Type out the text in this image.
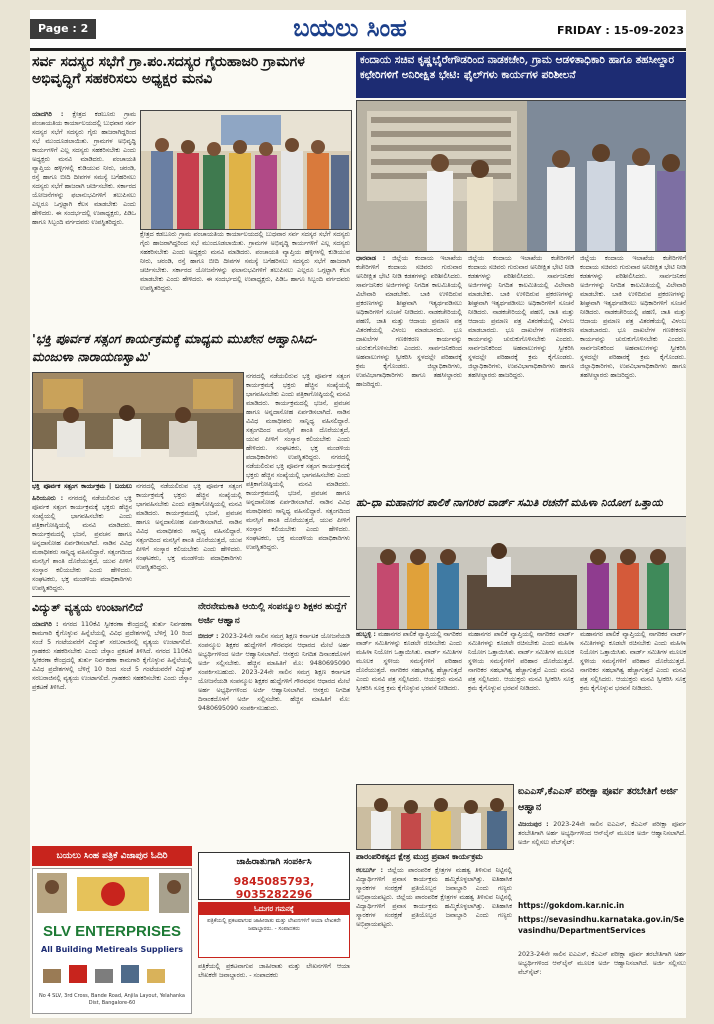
Page : 2	ಬಯಲು ಸಿಂಹ	FRIDAY : 15-09-2023
ಸರ್ವ ಸದಸ್ಯರ ಸಭೆಗೆ ಗ್ರಾ.ಪಂ.ಸದಸ್ಯರ ಗೈರುಹಾಜರಿ ಗ್ರಾಮಗಳ ಅಭಿವೃದ್ಧಿಗೆ ಸಹಕರಿಸಲು ಅಧ್ಯಕ್ಷರ ಮನವಿ
ಯಾದಗಿರಿ : ಕ್ಷೇತ್ರದ ಕಡಬೂರು ಗ್ರಾಮ ಪಂಚಾಯತಿಯ ಕಾರ್ಯಾಲಯದಲ್ಲಿ ಬುಧವಾರ ಸರ್ವ ಸದಸ್ಯರ ಸಭೆಗೆ ಸದಸ್ಯರು ಗೈರು ಹಾಜರಾಗಿದ್ದರಿಂದ ಸಭೆ ಮುಂದೂಡಲಾಯಿತು. ಗ್ರಾಮಗಳ ಅಭಿವೃದ್ಧಿ ಕಾರ್ಯಗಳಿಗೆ ಎಲ್ಲ ಸದಸ್ಯರು ಸಹಕರಿಸಬೇಕು ಎಂದು ಅಧ್ಯಕ್ಷರು ಮನವಿ ಮಾಡಿದರು. ಪಂಚಾಯತಿ ವ್ಯಾಪ್ತಿಯ ಹಳ್ಳಿಗಳಲ್ಲಿ ಕುಡಿಯುವ ನೀರು, ಚರಂಡಿ, ರಸ್ತೆ ಹಾಗೂ ಬೀದಿ ದೀಪಗಳ ಸಮಸ್ಯೆ ಬಗೆಹರಿಸಲು ಸದಸ್ಯರು ಸಭೆಗೆ ಹಾಜರಾಗಿ ಚರ್ಚಿಸಬೇಕು. ಸರ್ಕಾರದ ಯೋಜನೆಗಳನ್ನು ಫಲಾನುಭವಿಗಳಿಗೆ ತಲುಪಿಸಲು ಎಲ್ಲರೂ ಒಗ್ಗಟ್ಟಾಗಿ ಕೆಲಸ ಮಾಡಬೇಕು ಎಂದು ಹೇಳಿದರು. ಈ ಸಂದರ್ಭದಲ್ಲಿ ಉಪಾಧ್ಯಕ್ಷರು, ಪಿಡಿಒ ಹಾಗೂ ಸಿಬ್ಬಂದಿ ವರ್ಗದವರು ಉಪಸ್ಥಿತರಿದ್ದರು.
ಕ್ಷೇತ್ರದ ಕಡಬೂರು ಗ್ರಾಮ ಪಂಚಾಯತಿಯ ಕಾರ್ಯಾಲಯದಲ್ಲಿ ಬುಧವಾರ ಸರ್ವ ಸದಸ್ಯರ ಸಭೆಗೆ ಸದಸ್ಯರು ಗೈರು ಹಾಜರಾಗಿದ್ದರಿಂದ ಸಭೆ ಮುಂದೂಡಲಾಯಿತು. ಗ್ರಾಮಗಳ ಅಭಿವೃದ್ಧಿ ಕಾರ್ಯಗಳಿಗೆ ಎಲ್ಲ ಸದಸ್ಯರು ಸಹಕರಿಸಬೇಕು ಎಂದು ಅಧ್ಯಕ್ಷರು ಮನವಿ ಮಾಡಿದರು. ಪಂಚಾಯತಿ ವ್ಯಾಪ್ತಿಯ ಹಳ್ಳಿಗಳಲ್ಲಿ ಕುಡಿಯುವ ನೀರು, ಚರಂಡಿ, ರಸ್ತೆ ಹಾಗೂ ಬೀದಿ ದೀಪಗಳ ಸಮಸ್ಯೆ ಬಗೆಹರಿಸಲು ಸದಸ್ಯರು ಸಭೆಗೆ ಹಾಜರಾಗಿ ಚರ್ಚಿಸಬೇಕು. ಸರ್ಕಾರದ ಯೋಜನೆಗಳನ್ನು ಫಲಾನುಭವಿಗಳಿಗೆ ತಲುಪಿಸಲು ಎಲ್ಲರೂ ಒಗ್ಗಟ್ಟಾಗಿ ಕೆಲಸ ಮಾಡಬೇಕು ಎಂದು ಹೇಳಿದರು. ಈ ಸಂದರ್ಭದಲ್ಲಿ ಉಪಾಧ್ಯಕ್ಷರು, ಪಿಡಿಒ ಹಾಗೂ ಸಿಬ್ಬಂದಿ ವರ್ಗದವರು ಉಪಸ್ಥಿತರಿದ್ದರು.
ಕಂದಾಯ ಸಚಿವ ಕೃಷ್ಣಭೈರೇಗೌಡರಿಂದ ನಾಡಕಚೇರಿ, ಗ್ರಾಮ ಆಡಳಿತಾಧಿಕಾರಿ ಹಾಗೂ ತಹಸೀಲ್ದಾರ ಕಛೇರಿಗಳಿಗೆ ಅನಿರೀಕ್ಷಿತ ಭೇಟಿ: ಫೈಲ್‌ಗಳು ಕಾರ್ಯಗಳ ಪರಿಶೀಲನೆ
ಧಾರವಾಡ : ಜಿಲ್ಲೆಯ ಕಂದಾಯ ಇಲಾಖೆಯ ಕಚೇರಿಗಳಿಗೆ ಕಂದಾಯ ಸಚಿವರು ಗುರುವಾರ ಅನಿರೀಕ್ಷಿತ ಭೇಟಿ ನೀಡಿ ಕಡತಗಳನ್ನು ಪರಿಶೀಲಿಸಿದರು. ಸಾರ್ವಜನಿಕರ ಅರ್ಜಿಗಳನ್ನು ನಿಗದಿತ ಕಾಲಮಿತಿಯಲ್ಲಿ ವಿಲೇವಾರಿ ಮಾಡಬೇಕು. ಬಾಕಿ ಉಳಿದಿರುವ ಪ್ರಕರಣಗಳನ್ನು ಶೀಘ್ರವಾಗಿ ಇತ್ಯರ್ಥಪಡಿಸಲು ಅಧಿಕಾರಿಗಳಿಗೆ ಸೂಚನೆ ನೀಡಿದರು. ನಾಡಕಚೇರಿಯಲ್ಲಿ ಪಹಣಿ, ಜಾತಿ ಮತ್ತು ಆದಾಯ ಪ್ರಮಾಣ ಪತ್ರ ವಿತರಣೆಯಲ್ಲಿ ವಿಳಂಬ ಮಾಡಬಾರದು. ಭೂ ದಾಖಲೆಗಳ ಗಣಕೀಕರಣ ಕಾರ್ಯವನ್ನು ಚುರುಕುಗೊಳಿಸಬೇಕು ಎಂದರು. ಸಾರ್ವಜನಿಕರಿಂದ ಅಹವಾಲುಗಳನ್ನು ಸ್ವೀಕರಿಸಿ ಸ್ಥಳದಲ್ಲೇ ಪರಿಹಾರಕ್ಕೆ ಕ್ರಮ ಕೈಗೊಂಡರು. ಜಿಲ್ಲಾಧಿಕಾರಿಗಳು, ಉಪವಿಭಾಗಾಧಿಕಾರಿಗಳು ಹಾಗೂ ತಹಸೀಲ್ದಾರರು ಹಾಜರಿದ್ದರು.
ಜಿಲ್ಲೆಯ ಕಂದಾಯ ಇಲಾಖೆಯ ಕಚೇರಿಗಳಿಗೆ ಕಂದಾಯ ಸಚಿವರು ಗುರುವಾರ ಅನಿರೀಕ್ಷಿತ ಭೇಟಿ ನೀಡಿ ಕಡತಗಳನ್ನು ಪರಿಶೀಲಿಸಿದರು. ಸಾರ್ವಜನಿಕರ ಅರ್ಜಿಗಳನ್ನು ನಿಗದಿತ ಕಾಲಮಿತಿಯಲ್ಲಿ ವಿಲೇವಾರಿ ಮಾಡಬೇಕು. ಬಾಕಿ ಉಳಿದಿರುವ ಪ್ರಕರಣಗಳನ್ನು ಶೀಘ್ರವಾಗಿ ಇತ್ಯರ್ಥಪಡಿಸಲು ಅಧಿಕಾರಿಗಳಿಗೆ ಸೂಚನೆ ನೀಡಿದರು. ನಾಡಕಚೇರಿಯಲ್ಲಿ ಪಹಣಿ, ಜಾತಿ ಮತ್ತು ಆದಾಯ ಪ್ರಮಾಣ ಪತ್ರ ವಿತರಣೆಯಲ್ಲಿ ವಿಳಂಬ ಮಾಡಬಾರದು. ಭೂ ದಾಖಲೆಗಳ ಗಣಕೀಕರಣ ಕಾರ್ಯವನ್ನು ಚುರುಕುಗೊಳಿಸಬೇಕು ಎಂದರು. ಸಾರ್ವಜನಿಕರಿಂದ ಅಹವಾಲುಗಳನ್ನು ಸ್ವೀಕರಿಸಿ ಸ್ಥಳದಲ್ಲೇ ಪರಿಹಾರಕ್ಕೆ ಕ್ರಮ ಕೈಗೊಂಡರು. ಜಿಲ್ಲಾಧಿಕಾರಿಗಳು, ಉಪವಿಭಾಗಾಧಿಕಾರಿಗಳು ಹಾಗೂ ತಹಸೀಲ್ದಾರರು ಹಾಜರಿದ್ದರು.
ಜಿಲ್ಲೆಯ ಕಂದಾಯ ಇಲಾಖೆಯ ಕಚೇರಿಗಳಿಗೆ ಕಂದಾಯ ಸಚಿವರು ಗುರುವಾರ ಅನಿರೀಕ್ಷಿತ ಭೇಟಿ ನೀಡಿ ಕಡತಗಳನ್ನು ಪರಿಶೀಲಿಸಿದರು. ಸಾರ್ವಜನಿಕರ ಅರ್ಜಿಗಳನ್ನು ನಿಗದಿತ ಕಾಲಮಿತಿಯಲ್ಲಿ ವಿಲೇವಾರಿ ಮಾಡಬೇಕು. ಬಾಕಿ ಉಳಿದಿರುವ ಪ್ರಕರಣಗಳನ್ನು ಶೀಘ್ರವಾಗಿ ಇತ್ಯರ್ಥಪಡಿಸಲು ಅಧಿಕಾರಿಗಳಿಗೆ ಸೂಚನೆ ನೀಡಿದರು. ನಾಡಕಚೇರಿಯಲ್ಲಿ ಪಹಣಿ, ಜಾತಿ ಮತ್ತು ಆದಾಯ ಪ್ರಮಾಣ ಪತ್ರ ವಿತರಣೆಯಲ್ಲಿ ವಿಳಂಬ ಮಾಡಬಾರದು. ಭೂ ದಾಖಲೆಗಳ ಗಣಕೀಕರಣ ಕಾರ್ಯವನ್ನು ಚುರುಕುಗೊಳಿಸಬೇಕು ಎಂದರು. ಸಾರ್ವಜನಿಕರಿಂದ ಅಹವಾಲುಗಳನ್ನು ಸ್ವೀಕರಿಸಿ ಸ್ಥಳದಲ್ಲೇ ಪರಿಹಾರಕ್ಕೆ ಕ್ರಮ ಕೈಗೊಂಡರು. ಜಿಲ್ಲಾಧಿಕಾರಿಗಳು, ಉಪವಿಭಾಗಾಧಿಕಾರಿಗಳು ಹಾಗೂ ತಹಸೀಲ್ದಾರರು ಹಾಜರಿದ್ದರು.
'ಭಕ್ತಿ ಪೂರ್ವಕ ಸತ್ಸಂಗ ಕಾರ್ಯಕ್ರಮಕ್ಕೆ ಮಾಧ್ಯಮ ಮುಖೇನ ಆಹ್ವಾನಿಸಿದ- ಮಂಜುಳಾ ನಾರಾಯಣಸ್ವಾಮಿ'
ಭಕ್ತಿ ಪೂರ್ವಕ ಸತ್ಸಂಗ ಕಾರ್ಯಕ್ರಮ | ಬಯಲು
ಹಿರಿಯೂರು : ನಗರದಲ್ಲಿ ನಡೆಯಲಿರುವ ಭಕ್ತಿ ಪೂರ್ವಕ ಸತ್ಸಂಗ ಕಾರ್ಯಕ್ರಮಕ್ಕೆ ಭಕ್ತರು ಹೆಚ್ಚಿನ ಸಂಖ್ಯೆಯಲ್ಲಿ ಭಾಗವಹಿಸಬೇಕು ಎಂದು ಪತ್ರಿಕಾಗೋಷ್ಠಿಯಲ್ಲಿ ಮನವಿ ಮಾಡಿದರು. ಕಾರ್ಯಕ್ರಮದಲ್ಲಿ ಭಜನೆ, ಪ್ರವಚನ ಹಾಗೂ ಅನ್ನದಾಸೋಹ ಏರ್ಪಡಿಸಲಾಗಿದೆ. ನಾಡಿನ ವಿವಿಧ ಮಠಾಧೀಶರು ಸಾನ್ನಿಧ್ಯ ವಹಿಸಲಿದ್ದಾರೆ. ಸತ್ಸಂಗದಿಂದ ಮನಸ್ಸಿಗೆ ಶಾಂತಿ ದೊರೆಯುತ್ತದೆ, ಯುವ ಪೀಳಿಗೆ ಸಂಸ್ಕಾರ ಕಲಿಯಬೇಕು ಎಂದು ಹೇಳಿದರು. ಸಂಘಟಕರು, ಭಕ್ತ ಮಂಡಳಿಯ ಪದಾಧಿಕಾರಿಗಳು ಉಪಸ್ಥಿತರಿದ್ದರು.
ನಗರದಲ್ಲಿ ನಡೆಯಲಿರುವ ಭಕ್ತಿ ಪೂರ್ವಕ ಸತ್ಸಂಗ ಕಾರ್ಯಕ್ರಮಕ್ಕೆ ಭಕ್ತರು ಹೆಚ್ಚಿನ ಸಂಖ್ಯೆಯಲ್ಲಿ ಭಾಗವಹಿಸಬೇಕು ಎಂದು ಪತ್ರಿಕಾಗೋಷ್ಠಿಯಲ್ಲಿ ಮನವಿ ಮಾಡಿದರು. ಕಾರ್ಯಕ್ರಮದಲ್ಲಿ ಭಜನೆ, ಪ್ರವಚನ ಹಾಗೂ ಅನ್ನದಾಸೋಹ ಏರ್ಪಡಿಸಲಾಗಿದೆ. ನಾಡಿನ ವಿವಿಧ ಮಠಾಧೀಶರು ಸಾನ್ನಿಧ್ಯ ವಹಿಸಲಿದ್ದಾರೆ. ಸತ್ಸಂಗದಿಂದ ಮನಸ್ಸಿಗೆ ಶಾಂತಿ ದೊರೆಯುತ್ತದೆ, ಯುವ ಪೀಳಿಗೆ ಸಂಸ್ಕಾರ ಕಲಿಯಬೇಕು ಎಂದು ಹೇಳಿದರು. ಸಂಘಟಕರು, ಭಕ್ತ ಮಂಡಳಿಯ ಪದಾಧಿಕಾರಿಗಳು ಉಪಸ್ಥಿತರಿದ್ದರು.
ನಗರದಲ್ಲಿ ನಡೆಯಲಿರುವ ಭಕ್ತಿ ಪೂರ್ವಕ ಸತ್ಸಂಗ ಕಾರ್ಯಕ್ರಮಕ್ಕೆ ಭಕ್ತರು ಹೆಚ್ಚಿನ ಸಂಖ್ಯೆಯಲ್ಲಿ ಭಾಗವಹಿಸಬೇಕು ಎಂದು ಪತ್ರಿಕಾಗೋಷ್ಠಿಯಲ್ಲಿ ಮನವಿ ಮಾಡಿದರು. ಕಾರ್ಯಕ್ರಮದಲ್ಲಿ ಭಜನೆ, ಪ್ರವಚನ ಹಾಗೂ ಅನ್ನದಾಸೋಹ ಏರ್ಪಡಿಸಲಾಗಿದೆ. ನಾಡಿನ ವಿವಿಧ ಮಠಾಧೀಶರು ಸಾನ್ನಿಧ್ಯ ವಹಿಸಲಿದ್ದಾರೆ. ಸತ್ಸಂಗದಿಂದ ಮನಸ್ಸಿಗೆ ಶಾಂತಿ ದೊರೆಯುತ್ತದೆ, ಯುವ ಪೀಳಿಗೆ ಸಂಸ್ಕಾರ ಕಲಿಯಬೇಕು ಎಂದು ಹೇಳಿದರು. ಸಂಘಟಕರು, ಭಕ್ತ ಮಂಡಳಿಯ ಪದಾಧಿಕಾರಿಗಳು ಉಪಸ್ಥಿತರಿದ್ದರು. ನಗರದಲ್ಲಿ ನಡೆಯಲಿರುವ ಭಕ್ತಿ ಪೂರ್ವಕ ಸತ್ಸಂಗ ಕಾರ್ಯಕ್ರಮಕ್ಕೆ ಭಕ್ತರು ಹೆಚ್ಚಿನ ಸಂಖ್ಯೆಯಲ್ಲಿ ಭಾಗವಹಿಸಬೇಕು ಎಂದು ಪತ್ರಿಕಾಗೋಷ್ಠಿಯಲ್ಲಿ ಮನವಿ ಮಾಡಿದರು. ಕಾರ್ಯಕ್ರಮದಲ್ಲಿ ಭಜನೆ, ಪ್ರವಚನ ಹಾಗೂ ಅನ್ನದಾಸೋಹ ಏರ್ಪಡಿಸಲಾಗಿದೆ. ನಾಡಿನ ವಿವಿಧ ಮಠಾಧೀಶರು ಸಾನ್ನಿಧ್ಯ ವಹಿಸಲಿದ್ದಾರೆ. ಸತ್ಸಂಗದಿಂದ ಮನಸ್ಸಿಗೆ ಶಾಂತಿ ದೊರೆಯುತ್ತದೆ, ಯುವ ಪೀಳಿಗೆ ಸಂಸ್ಕಾರ ಕಲಿಯಬೇಕು ಎಂದು ಹೇಳಿದರು. ಸಂಘಟಕರು, ಭಕ್ತ ಮಂಡಳಿಯ ಪದಾಧಿಕಾರಿಗಳು ಉಪಸ್ಥಿತರಿದ್ದರು.
ಹು-ಧಾ ಮಹಾನಗರ ಪಾಲಿಕೆ ನಾಗರಿಕರ ವಾರ್ಡ್ ಸಮಿತಿ ರಚನೆಗೆ ಮಹಿಳಾ ನಿಯೋಗ ಒತ್ತಾಯ
ಹುಬ್ಬಳ್ಳಿ : ಮಹಾನಗರ ಪಾಲಿಕೆ ವ್ಯಾಪ್ತಿಯಲ್ಲಿ ನಾಗರಿಕರ ವಾರ್ಡ್ ಸಮಿತಿಗಳನ್ನು ಕೂಡಲೇ ರಚಿಸಬೇಕು ಎಂದು ಮಹಿಳಾ ನಿಯೋಗ ಒತ್ತಾಯಿಸಿತು. ವಾರ್ಡ್ ಸಮಿತಿಗಳ ಮೂಲಕ ಸ್ಥಳೀಯ ಸಮಸ್ಯೆಗಳಿಗೆ ಪರಿಹಾರ ದೊರೆಯುತ್ತದೆ. ನಾಗರಿಕರ ಸಹಭಾಗಿತ್ವ ಹೆಚ್ಚಾಗುತ್ತದೆ ಎಂದು ಮನವಿ ಪತ್ರ ಸಲ್ಲಿಸಿದರು. ಆಯುಕ್ತರು ಮನವಿ ಸ್ವೀಕರಿಸಿ ಸೂಕ್ತ ಕ್ರಮ ಕೈಗೊಳ್ಳುವ ಭರವಸೆ ನೀಡಿದರು.
ಮಹಾನಗರ ಪಾಲಿಕೆ ವ್ಯಾಪ್ತಿಯಲ್ಲಿ ನಾಗರಿಕರ ವಾರ್ಡ್ ಸಮಿತಿಗಳನ್ನು ಕೂಡಲೇ ರಚಿಸಬೇಕು ಎಂದು ಮಹಿಳಾ ನಿಯೋಗ ಒತ್ತಾಯಿಸಿತು. ವಾರ್ಡ್ ಸಮಿತಿಗಳ ಮೂಲಕ ಸ್ಥಳೀಯ ಸಮಸ್ಯೆಗಳಿಗೆ ಪರಿಹಾರ ದೊರೆಯುತ್ತದೆ. ನಾಗರಿಕರ ಸಹಭಾಗಿತ್ವ ಹೆಚ್ಚಾಗುತ್ತದೆ ಎಂದು ಮನವಿ ಪತ್ರ ಸಲ್ಲಿಸಿದರು. ಆಯುಕ್ತರು ಮನವಿ ಸ್ವೀಕರಿಸಿ ಸೂಕ್ತ ಕ್ರಮ ಕೈಗೊಳ್ಳುವ ಭರವಸೆ ನೀಡಿದರು.
ಮಹಾನಗರ ಪಾಲಿಕೆ ವ್ಯಾಪ್ತಿಯಲ್ಲಿ ನಾಗರಿಕರ ವಾರ್ಡ್ ಸಮಿತಿಗಳನ್ನು ಕೂಡಲೇ ರಚಿಸಬೇಕು ಎಂದು ಮಹಿಳಾ ನಿಯೋಗ ಒತ್ತಾಯಿಸಿತು. ವಾರ್ಡ್ ಸಮಿತಿಗಳ ಮೂಲಕ ಸ್ಥಳೀಯ ಸಮಸ್ಯೆಗಳಿಗೆ ಪರಿಹಾರ ದೊರೆಯುತ್ತದೆ. ನಾಗರಿಕರ ಸಹಭಾಗಿತ್ವ ಹೆಚ್ಚಾಗುತ್ತದೆ ಎಂದು ಮನವಿ ಪತ್ರ ಸಲ್ಲಿಸಿದರು. ಆಯುಕ್ತರು ಮನವಿ ಸ್ವೀಕರಿಸಿ ಸೂಕ್ತ ಕ್ರಮ ಕೈಗೊಳ್ಳುವ ಭರವಸೆ ನೀಡಿದರು.
ವಿದ್ಯುತ್ ವ್ಯತ್ಯಯ ಉಂಟಾಗಲಿದೆ
ಯಾದಗಿರಿ : ನಗರದ 110ಕೆವಿ ಸ್ವೀಕರಣಾ ಕೇಂದ್ರದಲ್ಲಿ ತುರ್ತು ನಿರ್ವಹಣಾ ಕಾಮಗಾರಿ ಕೈಗೊಳ್ಳುವ ಹಿನ್ನೆಲೆಯಲ್ಲಿ ವಿವಿಧ ಪ್ರದೇಶಗಳಲ್ಲಿ ಬೆಳಿಗ್ಗೆ 10 ರಿಂದ ಸಂಜೆ 5 ಗಂಟೆಯವರೆಗೆ ವಿದ್ಯುತ್ ಸರಬರಾಜಿನಲ್ಲಿ ವ್ಯತ್ಯಯ ಉಂಟಾಗಲಿದೆ. ಗ್ರಾಹಕರು ಸಹಕರಿಸಬೇಕು ಎಂದು ಜೆಸ್ಕಾಂ ಪ್ರಕಟಣೆ ತಿಳಿಸಿದೆ. ನಗರದ 110ಕೆವಿ ಸ್ವೀಕರಣಾ ಕೇಂದ್ರದಲ್ಲಿ ತುರ್ತು ನಿರ್ವಹಣಾ ಕಾಮಗಾರಿ ಕೈಗೊಳ್ಳುವ ಹಿನ್ನೆಲೆಯಲ್ಲಿ ವಿವಿಧ ಪ್ರದೇಶಗಳಲ್ಲಿ ಬೆಳಿಗ್ಗೆ 10 ರಿಂದ ಸಂಜೆ 5 ಗಂಟೆಯವರೆಗೆ ವಿದ್ಯುತ್ ಸರಬರಾಜಿನಲ್ಲಿ ವ್ಯತ್ಯಯ ಉಂಟಾಗಲಿದೆ. ಗ್ರಾಹಕರು ಸಹಕರಿಸಬೇಕು ಎಂದು ಜೆಸ್ಕಾಂ ಪ್ರಕಟಣೆ ತಿಳಿಸಿದೆ.
ನೇರನೇಮಕಾತಿ ಆಯಿಲ್ಲಿ ಸಂಪನ್ಮೂಲ ಶಿಕ್ಷಕರ ಹುದ್ದೆಗೆ ಅರ್ಜಿ ಆಹ್ವಾನ
ಬೀದರ್ : 2023-24ನೇ ಸಾಲಿನ ಸಮಗ್ರ ಶಿಕ್ಷಣ ಕರ್ನಾಟಕ ಯೋಜನೆಯಡಿ ಸಂಪನ್ಮೂಲ ಶಿಕ್ಷಕರ ಹುದ್ದೆಗಳಿಗೆ ಗೌರವಧನ ಆಧಾರದ ಮೇಲೆ ಅರ್ಹ ಅಭ್ಯರ್ಥಿಗಳಿಂದ ಅರ್ಜಿ ಆಹ್ವಾನಿಸಲಾಗಿದೆ. ಆಸಕ್ತರು ನಿಗದಿತ ದಿನಾಂಕದೊಳಗೆ ಅರ್ಜಿ ಸಲ್ಲಿಸಬೇಕು. ಹೆಚ್ಚಿನ ಮಾಹಿತಿಗೆ ಮೊ: 9480695090 ಸಂಪರ್ಕಿಸಬಹುದು. 2023-24ನೇ ಸಾಲಿನ ಸಮಗ್ರ ಶಿಕ್ಷಣ ಕರ್ನಾಟಕ ಯೋಜನೆಯಡಿ ಸಂಪನ್ಮೂಲ ಶಿಕ್ಷಕರ ಹುದ್ದೆಗಳಿಗೆ ಗೌರವಧನ ಆಧಾರದ ಮೇಲೆ ಅರ್ಹ ಅಭ್ಯರ್ಥಿಗಳಿಂದ ಅರ್ಜಿ ಆಹ್ವಾನಿಸಲಾಗಿದೆ. ಆಸಕ್ತರು ನಿಗದಿತ ದಿನಾಂಕದೊಳಗೆ ಅರ್ಜಿ ಸಲ್ಲಿಸಬೇಕು. ಹೆಚ್ಚಿನ ಮಾಹಿತಿಗೆ ಮೊ: 9480695090 ಸಂಪರ್ಕಿಸಬಹುದು.
ಬಯಲು ಸಿಂಹ ಪತ್ರಿಕೆ ವಿಜಾಪುರ ಓದಿರಿ
SLV ENTERPRISES
All Building Metireals Suppliers
No 4 SLV, 3rd Cross, Bande Road, Anjila Layout, Yelahanka Dist, Bangalore-60
ಜಾಹಿರಾತುಗಾಗಿ ಸಂಪರ್ಕಿಸಿ
9845085793, 9035282296
ಓದುಗರ ಗಮನಕ್ಕೆ
ಪತ್ರಿಕೆಯಲ್ಲಿ ಪ್ರಕಟವಾಗುವ ಜಾಹೀರಾತು ಮತ್ತು ಲೇಖನಗಳಿಗೆ ಆಯಾ ಲೇಖಕರೇ ಜವಾಬ್ದಾರರು. - ಸಂಪಾದಕರು
ಪತ್ರಿಕೆಯಲ್ಲಿ ಪ್ರಕಟವಾಗುವ ಜಾಹೀರಾತು ಮತ್ತು ಲೇಖನಗಳಿಗೆ ಆಯಾ ಲೇಖಕರೇ ಜವಾಬ್ದಾರರು. - ಸಂಪಾದಕರು
ಪಾರಂಪರಿಕತ್ವದ ಕ್ಷೇತ್ರ ಮುದ್ರ ಪ್ರವಾಸ ಕಾರ್ಯಕ್ರಮ
ಕಲಬುರ್ಗಿ : ಜಿಲ್ಲೆಯ ಪಾರಂಪರಿಕ ಕ್ಷೇತ್ರಗಳ ಮಹತ್ವ ತಿಳಿಸುವ ನಿಟ್ಟಿನಲ್ಲಿ ವಿದ್ಯಾರ್ಥಿಗಳಿಗೆ ಪ್ರವಾಸ ಕಾರ್ಯಕ್ರಮ ಹಮ್ಮಿಕೊಳ್ಳಲಾಗಿತ್ತು. ಐತಿಹಾಸಿಕ ಸ್ಮಾರಕಗಳ ಸಂರಕ್ಷಣೆ ಪ್ರತಿಯೊಬ್ಬರ ಜವಾಬ್ದಾರಿ ಎಂದು ಗಣ್ಯರು ಅಭಿಪ್ರಾಯಪಟ್ಟರು. ಜಿಲ್ಲೆಯ ಪಾರಂಪರಿಕ ಕ್ಷೇತ್ರಗಳ ಮಹತ್ವ ತಿಳಿಸುವ ನಿಟ್ಟಿನಲ್ಲಿ ವಿದ್ಯಾರ್ಥಿಗಳಿಗೆ ಪ್ರವಾಸ ಕಾರ್ಯಕ್ರಮ ಹಮ್ಮಿಕೊಳ್ಳಲಾಗಿತ್ತು. ಐತಿಹಾಸಿಕ ಸ್ಮಾರಕಗಳ ಸಂರಕ್ಷಣೆ ಪ್ರತಿಯೊಬ್ಬರ ಜವಾಬ್ದಾರಿ ಎಂದು ಗಣ್ಯರು ಅಭಿಪ್ರಾಯಪಟ್ಟರು.
ಐಎಎಸ್,ಕೆಎಎಸ್ ಪರೀಕ್ಷಾ ಪೂರ್ವ ತರಬೇತಿಗೆ ಅರ್ಜಿ ಆಹ್ವಾನ
ವಿಜಯಪುರ : 2023-24ನೇ ಸಾಲಿನ ಐಎಎಸ್, ಕೆಎಎಸ್ ಪರೀಕ್ಷಾ ಪೂರ್ವ ತರಬೇತಿಗಾಗಿ ಅರ್ಹ ಅಭ್ಯರ್ಥಿಗಳಿಂದ ಆನ್‌ಲೈನ್ ಮೂಲಕ ಅರ್ಜಿ ಆಹ್ವಾನಿಸಲಾಗಿದೆ. ಅರ್ಜಿ ಸಲ್ಲಿಸಲು ವೆಬ್‌ಸೈಟ್:
https://gokdom.kar.nic.in
https://sevasindhu.karnataka.gov.in/Sevasindhu/DepartmentServices
2023-24ನೇ ಸಾಲಿನ ಐಎಎಸ್, ಕೆಎಎಸ್ ಪರೀಕ್ಷಾ ಪೂರ್ವ ತರಬೇತಿಗಾಗಿ ಅರ್ಹ ಅಭ್ಯರ್ಥಿಗಳಿಂದ ಆನ್‌ಲೈನ್ ಮೂಲಕ ಅರ್ಜಿ ಆಹ್ವಾನಿಸಲಾಗಿದೆ. ಅರ್ಜಿ ಸಲ್ಲಿಸಲು ವೆಬ್‌ಸೈಟ್:
